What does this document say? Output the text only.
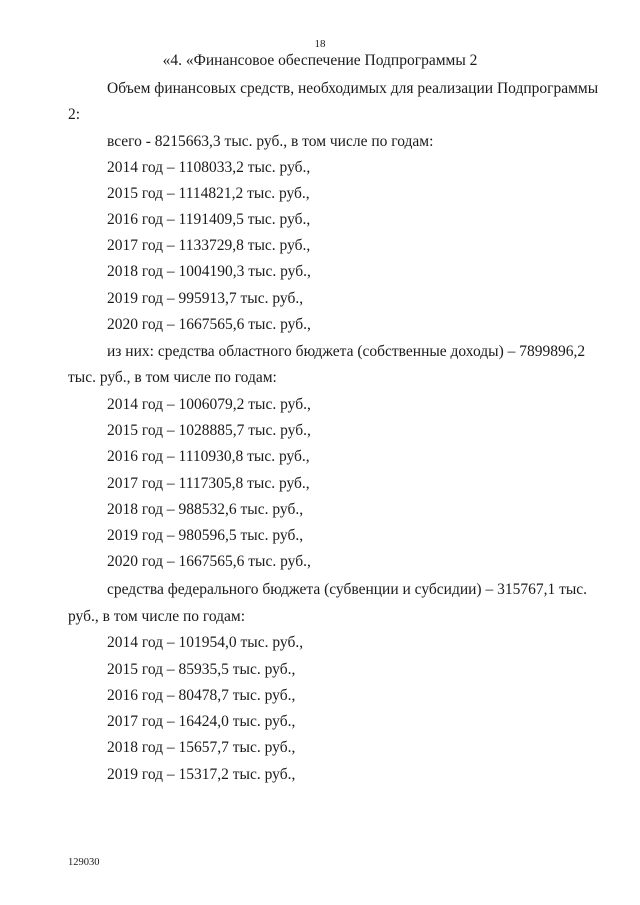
18
«4. «Финансовое обеспечение Подпрограммы 2
Объем финансовых средств, необходимых для реализации Подпрограммы
2:
всего - 8215663,3 тыс. руб., в том числе по годам:
2014 год – 1108033,2 тыс. руб.,
2015 год – 1114821,2 тыс. руб.,
2016 год – 1191409,5 тыс. руб.,
2017 год – 1133729,8 тыс. руб.,
2018 год – 1004190,3 тыс. руб.,
2019 год – 995913,7 тыс. руб.,
2020 год – 1667565,6 тыс. руб.,
из них: средства областного бюджета (собственные доходы) – 7899896,2
тыс. руб., в том числе по годам:
2014 год – 1006079,2 тыс. руб.,
2015 год – 1028885,7 тыс. руб.,
2016 год – 1110930,8 тыс. руб.,
2017 год – 1117305,8 тыс. руб.,
2018 год – 988532,6 тыс. руб.,
2019 год – 980596,5 тыс. руб.,
2020 год – 1667565,6 тыс. руб.,
средства федерального бюджета (субвенции и субсидии) – 315767,1 тыс.
руб., в том числе по годам:
2014 год – 101954,0 тыс. руб.,
2015 год – 85935,5 тыс. руб.,
2016 год – 80478,7 тыс. руб.,
2017 год – 16424,0 тыс. руб.,
2018 год – 15657,7 тыс. руб.,
2019 год – 15317,2 тыс. руб.,
129030
